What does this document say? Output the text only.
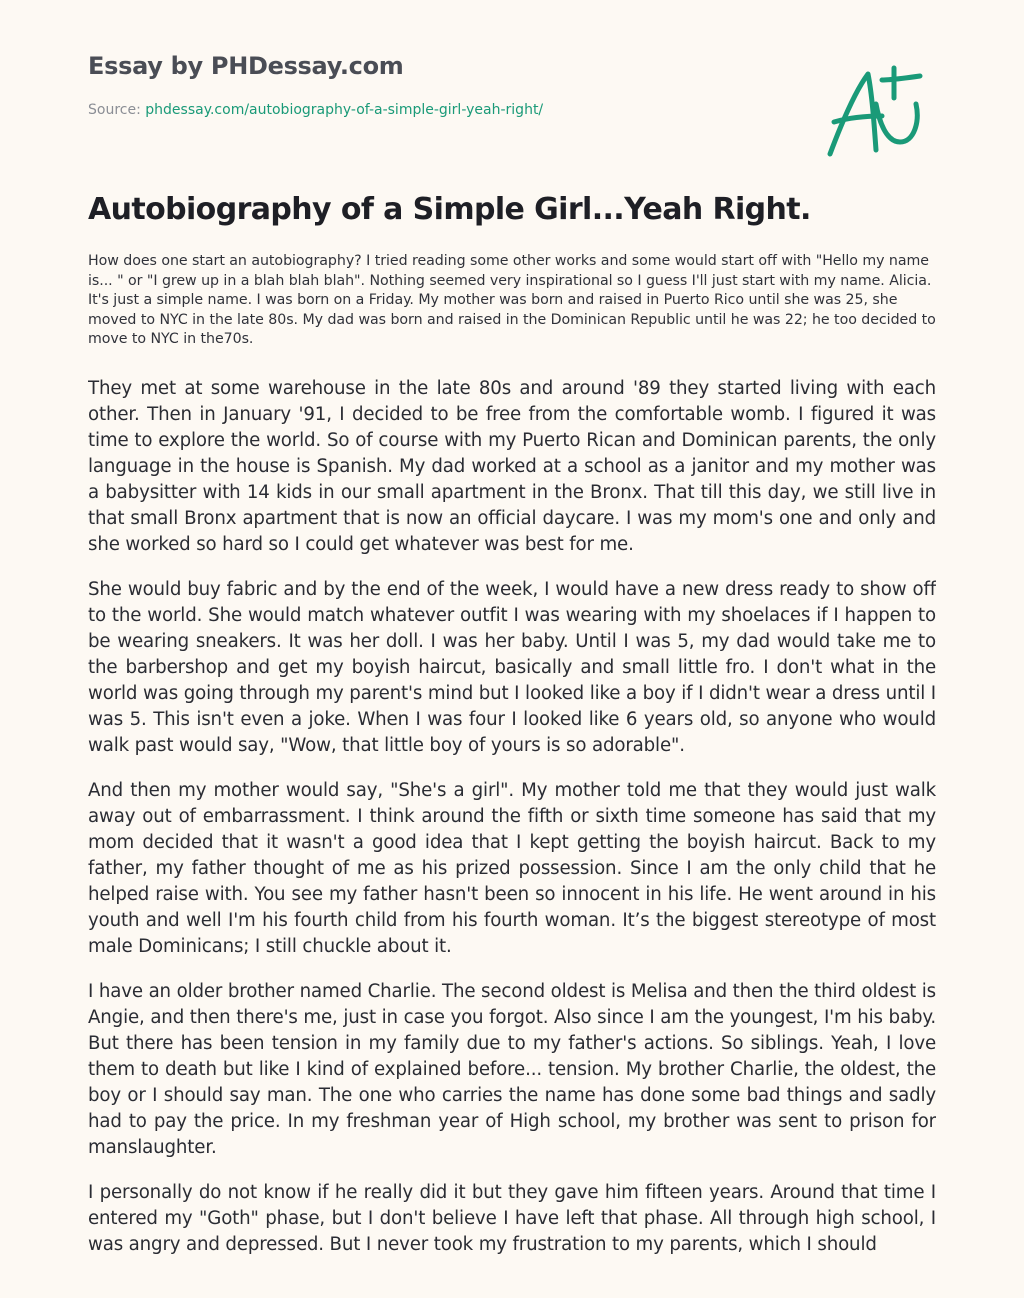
Essay by PHDessay.com
Source: phdessay.com/autobiography-of-a-simple-girl-yeah-right/
Autobiography of a Simple Girl...Yeah Right.

How does one start an autobiography? I tried reading some other works and some would start off with "Hello my name is... " or "I grew up in a blah blah blah". Nothing seemed very inspirational so I guess I'll just start with my name. Alicia. It's just a simple name. I was born on a Friday. My mother was born and raised in Puerto Rico until she was 25, she moved to NYC in the late 80s. My dad was born and raised in the Dominican Republic until he was 22; he too decided to move to NYC in the70s.

They met at some warehouse in the late 80s and around '89 they started living with each other. Then in January '91, I decided to be free from the comfortable womb. I figured it was time to explore the world. So of course with my Puerto Rican and Dominican parents, the only language in the house is Spanish. My dad worked at a school as a janitor and my mother was a babysitter with 14 kids in our small apartment in the Bronx. That till this day, we still live in that small Bronx apartment that is now an official daycare. I was my mom's one and only and she worked so hard so I could get whatever was best for me.

She would buy fabric and by the end of the week, I would have a new dress ready to show off to the world. She would match whatever outfit I was wearing with my shoelaces if I happen to be wearing sneakers. It was her doll. I was her baby. Until I was 5, my dad would take me to the barbershop and get my boyish haircut, basically and small little fro. I don't what in the world was going through my parent's mind but I looked like a boy if I didn't wear a dress until I was 5. This isn't even a joke. When I was four I looked like 6 years old, so anyone who would walk past would say, "Wow, that little boy of yours is so adorable".

And then my mother would say, "She's a girl". My mother told me that they would just walk away out of embarrassment. I think around the fifth or sixth time someone has said that my mom decided that it wasn't a good idea that I kept getting the boyish haircut. Back to my father, my father thought of me as his prized possession. Since I am the only child that he helped raise with. You see my father hasn't been so innocent in his life. He went around in his youth and well I'm his fourth child from his fourth woman. It’s the biggest stereotype of most male Dominicans; I still chuckle about it.

I have an older brother named Charlie. The second oldest is Melisa and then the third oldest is Angie, and then there's me, just in case you forgot. Also since I am the youngest, I'm his baby. But there has been tension in my family due to my father's actions. So siblings. Yeah, I love them to death but like I kind of explained before... tension. My brother Charlie, the oldest, the boy or I should say man. The one who carries the name has done some bad things and sadly had to pay the price. In my freshman year of High school, my brother was sent to prison for manslaughter.

I personally do not know if he really did it but they gave him fifteen years. Around that time I entered my "Goth" phase, but I don't believe I have left that phase. All through high school, I was angry and depressed. But I never took my frustration to my parents, which I should
